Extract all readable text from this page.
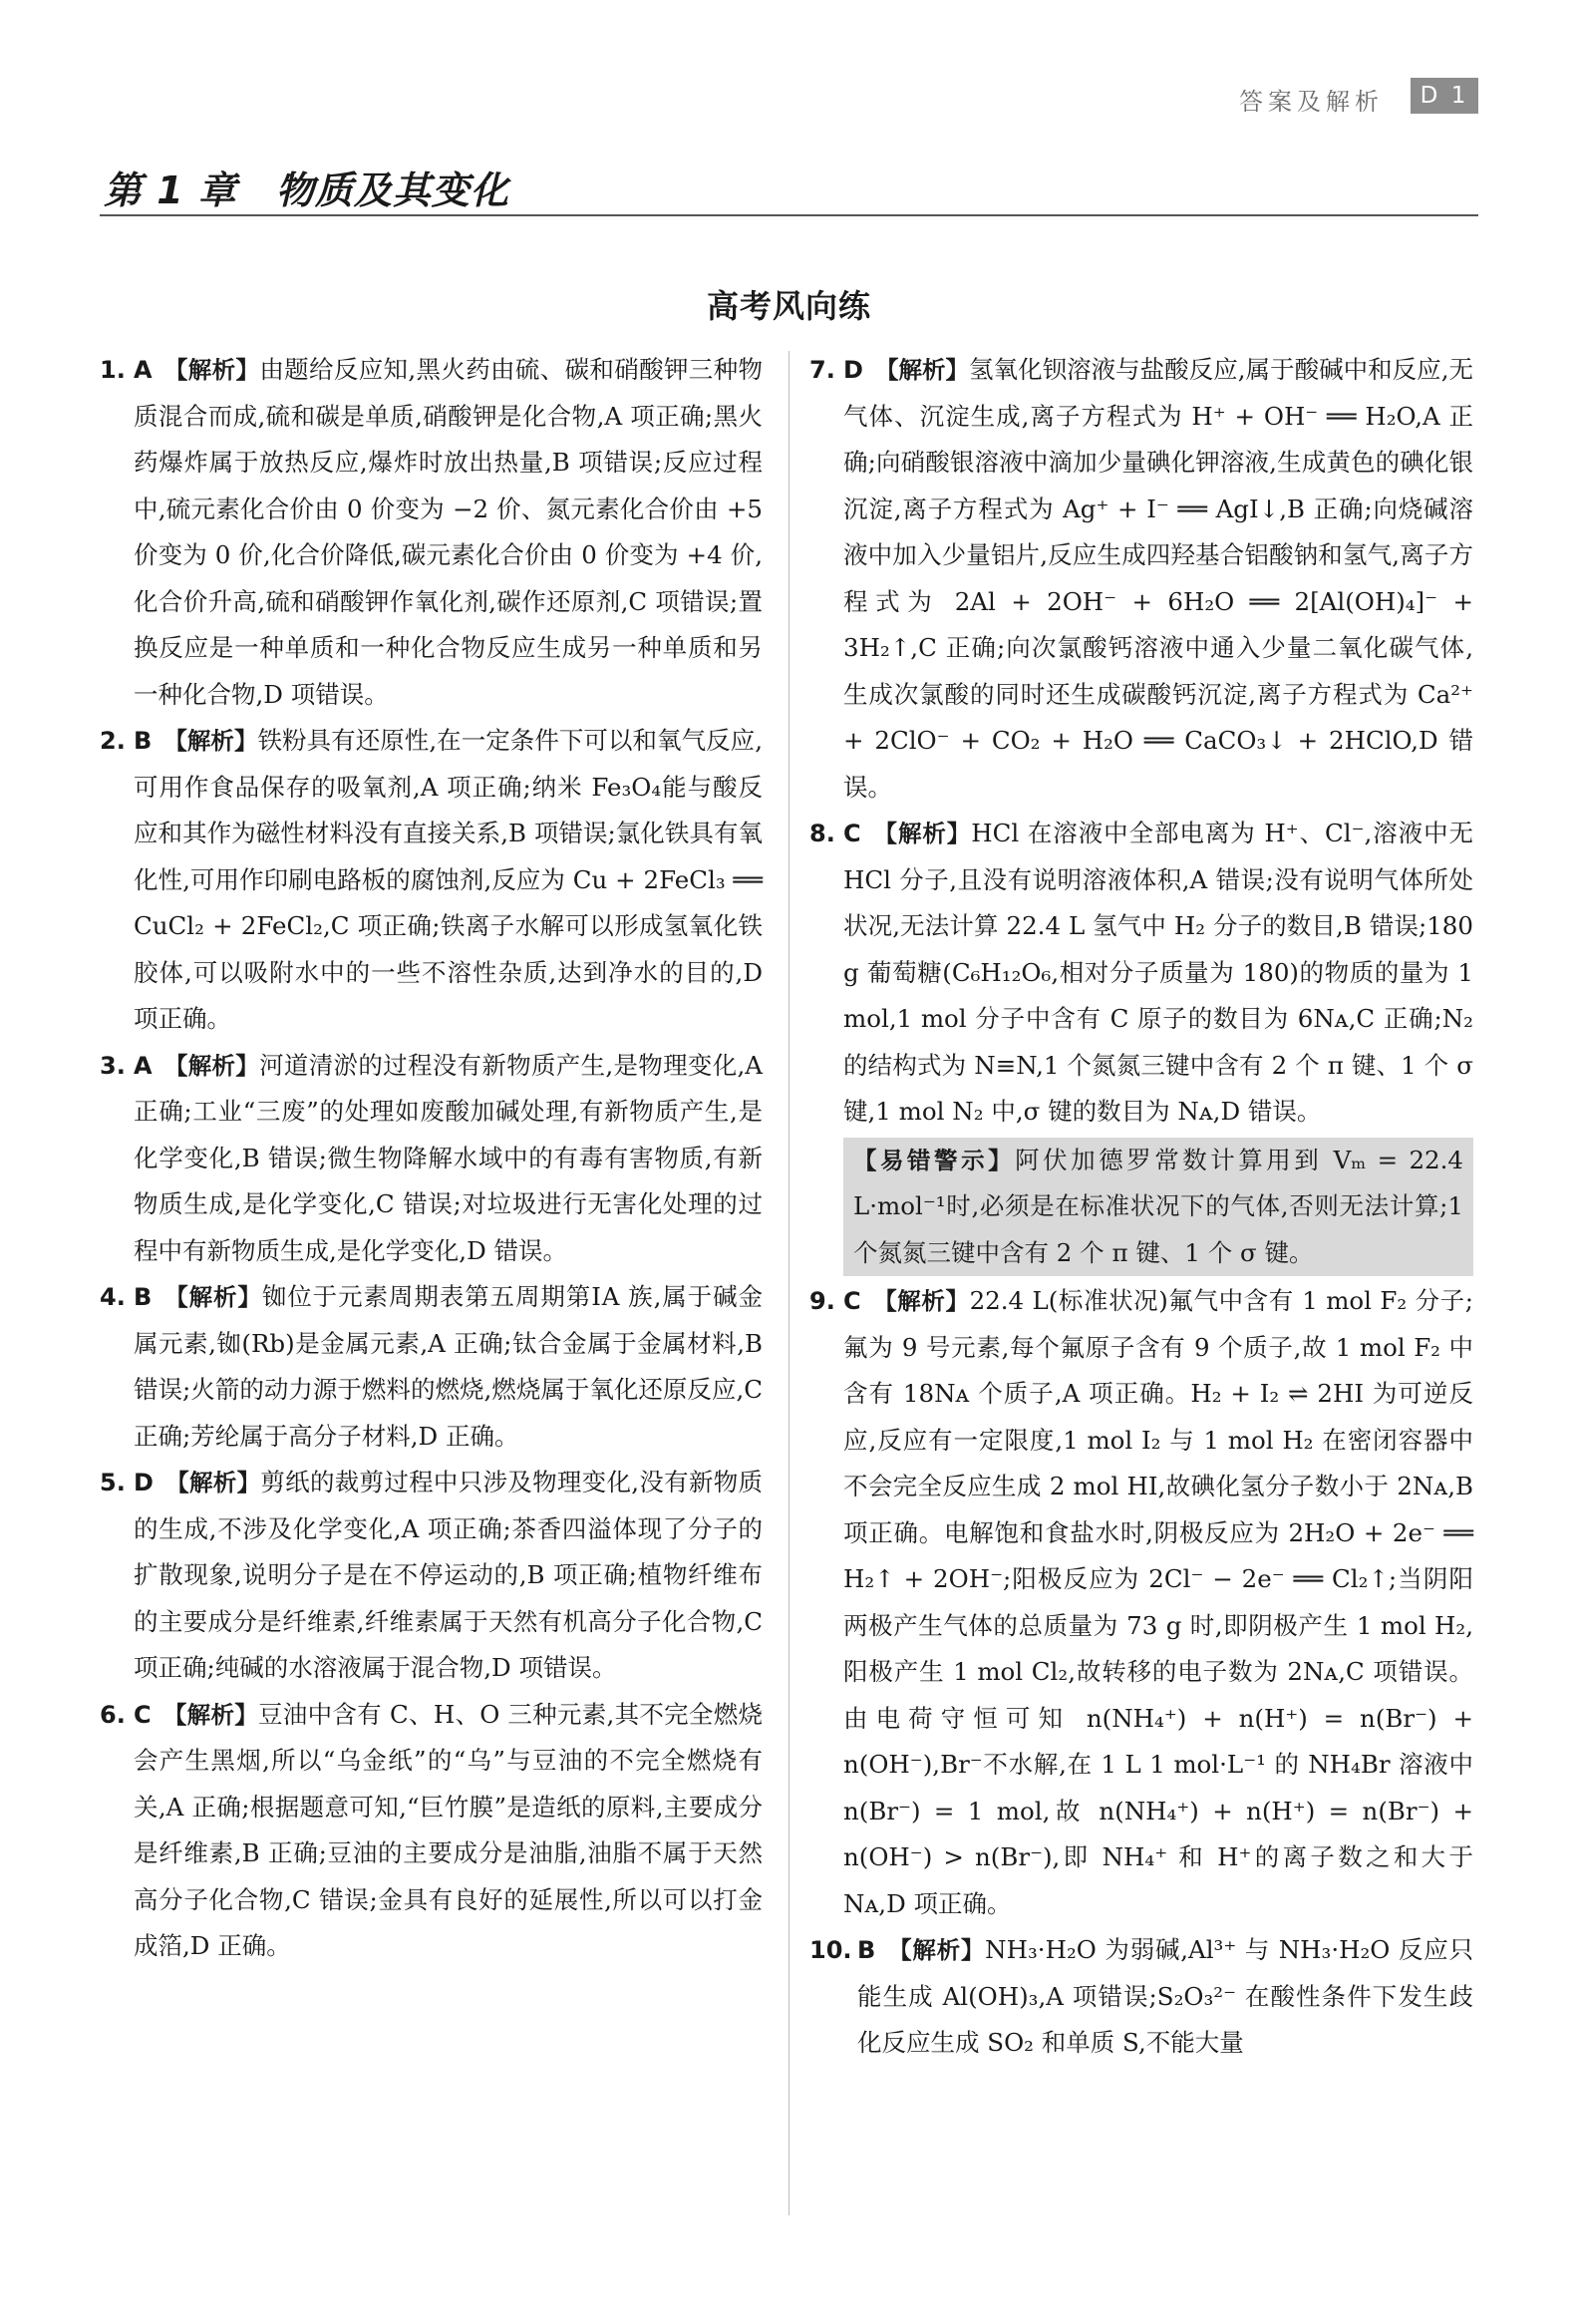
答案及解析	D 1
第 1 章　物质及其变化
高考风向练

1. A 【解析】由题给反应知,黑火药由硫、碳和硝酸钾三种物质混合而成,硫和碳是单质,硝酸钾是化合物,A 项正确;黑火药爆炸属于放热反应,爆炸时放出热量,B 项错误;反应过程中,硫元素化合价由 0 价变为 −2 价、氮元素化合价由 +5 价变为 0 价,化合价降低,碳元素化合价由 0 价变为 +4 价,化合价升高,硫和硝酸钾作氧化剂,碳作还原剂,C 项错误;置换反应是一种单质和一种化合物反应生成另一种单质和另一种化合物,D 项错误。

2. B 【解析】铁粉具有还原性,在一定条件下可以和氧气反应,可用作食品保存的吸氧剂,A 项正确;纳米 Fe₃O₄能与酸反应和其作为磁性材料没有直接关系,B 项错误;氯化铁具有氧化性,可用作印刷电路板的腐蚀剂,反应为 Cu + 2FeCl₃ ══ CuCl₂ + 2FeCl₂,C 项正确;铁离子水解可以形成氢氧化铁胶体,可以吸附水中的一些不溶性杂质,达到净水的目的,D 项正确。

3. A 【解析】河道清淤的过程没有新物质产生,是物理变化,A 正确;工业“三废”的处理如废酸加碱处理,有新物质产生,是化学变化,B 错误;微生物降解水域中的有毒有害物质,有新物质生成,是化学变化,C 错误;对垃圾进行无害化处理的过程中有新物质生成,是化学变化,D 错误。

4. B 【解析】铷位于元素周期表第五周期第ⅠA 族,属于碱金属元素,铷(Rb)是金属元素,A 正确;钛合金属于金属材料,B 错误;火箭的动力源于燃料的燃烧,燃烧属于氧化还原反应,C 正确;芳纶属于高分子材料,D 正确。

5. D 【解析】剪纸的裁剪过程中只涉及物理变化,没有新物质的生成,不涉及化学变化,A 项正确;茶香四溢体现了分子的扩散现象,说明分子是在不停运动的,B 项正确;植物纤维布的主要成分是纤维素,纤维素属于天然有机高分子化合物,C 项正确;纯碱的水溶液属于混合物,D 项错误。

6. C 【解析】豆油中含有 C、H、O 三种元素,其不完全燃烧会产生黑烟,所以“乌金纸”的“乌”与豆油的不完全燃烧有关,A 正确;根据题意可知,“巨竹膜”是造纸的原料,主要成分是纤维素,B 正确;豆油的主要成分是油脂,油脂不属于天然高分子化合物,C 错误;金具有良好的延展性,所以可以打金成箔,D 正确。

7. D 【解析】氢氧化钡溶液与盐酸反应,属于酸碱中和反应,无气体、沉淀生成,离子方程式为 H⁺ + OH⁻ ══ H₂O,A 正确;向硝酸银溶液中滴加少量碘化钾溶液,生成黄色的碘化银沉淀,离子方程式为 Ag⁺ + I⁻ ══ AgI↓,B 正确;向烧碱溶液中加入少量铝片,反应生成四羟基合铝酸钠和氢气,离子方程式为 2Al + 2OH⁻ + 6H₂O ══ 2[Al(OH)₄]⁻ + 3H₂↑,C 正确;向次氯酸钙溶液中通入少量二氧化碳气体,生成次氯酸的同时还生成碳酸钙沉淀,离子方程式为 Ca²⁺ + 2ClO⁻ + CO₂ + H₂O ══ CaCO₃↓ + 2HClO,D 错误。

8. C 【解析】HCl 在溶液中全部电离为 H⁺、Cl⁻,溶液中无 HCl 分子,且没有说明溶液体积,A 错误;没有说明气体所处状况,无法计算 22.4 L 氢气中 H₂ 分子的数目,B 错误;180 g 葡萄糖(C₆H₁₂O₆,相对分子质量为 180)的物质的量为 1 mol,1 mol 分子中含有 C 原子的数目为 6Nᴀ,C 正确;N₂ 的结构式为 N≡N,1 个氮氮三键中含有 2 个 π 键、1 个 σ 键,1 mol N₂ 中,σ 键的数目为 Nᴀ,D 错误。

【易错警示】阿伏加德罗常数计算用到 Vₘ = 22.4 L·mol⁻¹时,必须是在标准状况下的气体,否则无法计算;1 个氮氮三键中含有 2 个 π 键、1 个 σ 键。

9. C 【解析】22.4 L(标准状况)氟气中含有 1 mol F₂ 分子;氟为 9 号元素,每个氟原子含有 9 个质子,故 1 mol F₂ 中含有 18Nᴀ 个质子,A 项正确。H₂ + I₂ ⇌ 2HI 为可逆反应,反应有一定限度,1 mol I₂ 与 1 mol H₂ 在密闭容器中不会完全反应生成 2 mol HI,故碘化氢分子数小于 2Nᴀ,B 项正确。电解饱和食盐水时,阴极反应为 2H₂O + 2e⁻ ══ H₂↑ + 2OH⁻;阳极反应为 2Cl⁻ − 2e⁻ ══ Cl₂↑;当阴阳两极产生气体的总质量为 73 g 时,即阴极产生 1 mol H₂,阳极产生 1 mol Cl₂,故转移的电子数为 2Nᴀ,C 项错误。由电荷守恒可知 n(NH₄⁺) + n(H⁺) = n(Br⁻) + n(OH⁻),Br⁻不水解,在 1 L 1 mol·L⁻¹ 的 NH₄Br 溶液中 n(Br⁻) = 1 mol,故 n(NH₄⁺) + n(H⁺) = n(Br⁻) + n(OH⁻) > n(Br⁻),即 NH₄⁺ 和 H⁺的离子数之和大于 Nᴀ,D 项正确。

10. B 【解析】NH₃·H₂O 为弱碱,Al³⁺ 与 NH₃·H₂O 反应只能生成 Al(OH)₃,A 项错误;S₂O₃²⁻ 在酸性条件下发生歧化反应生成 SO₂ 和单质 S,不能大量
